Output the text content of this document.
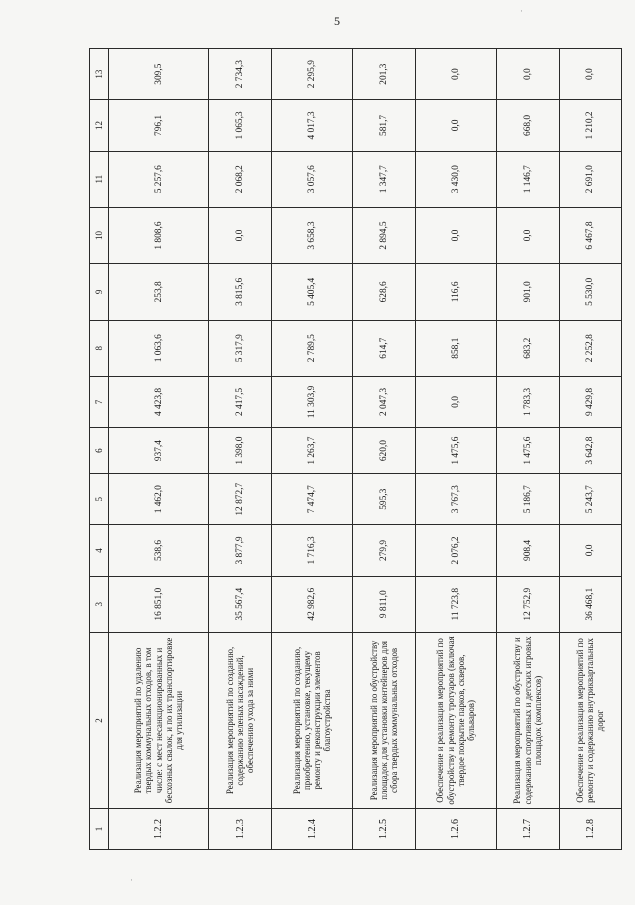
5
·
·
1	2	3	4	5	6	7	8	9	10	11	12	13
1.2.2	Реализация мероприятий по удалению твердых коммунальных отходов, в том числе: с мест несанкционированных и бесхозных свалок, и по их транспортировке для утилизации	16 851,0	538,6	1 462,0	937,4	4 423,8	1 063,6	253,8	1 808,6	5 257,6	796,1	309,5
1.2.3	Реализация мероприятий по созданию, содержанию зеленых насаждений, обеспечению ухода за ними	35 567,4	3 877,9	12 872,7	1 398,0	2 417,5	5 317,9	3 815,6	0,0	2 068,2	1 065,3	2 734,3
1.2.4	Реализация мероприятий по созданию, приобретению, установке, текущему ремонту и реконструкции элементов благоустройства	42 982,6	1 716,3	7 474,7	1 263,7	11 303,9	2 789,5	5 405,4	3 658,3	3 057,6	4 017,3	2 295,9
1.2.5	Реализация мероприятий по обустройству площадок для установки контейнеров для сбора твердых коммунальных отходов	9 811,0	279,9	595,3	620,0	2 047,3	614,7	628,6	2 894,5	1 347,7	581,7	201,3
1.2.6	Обеспечение и реализация мероприятий по обустройству и ремонту тротуаров (включая твердое покрытие парков, скверов, бульваров)	11 723,8	2 076,2	3 767,3	1 475,6	0,0	858,1	116,6	0,0	3 430,0	0,0	0,0
1.2.7	Реализация мероприятий по обустройству и содержанию спортивных и детских игровых площадок (комплексов)	12 752,9	908,4	5 186,7	1 475,6	1 783,3	683,2	901,0	0,0	1 146,7	668,0	0,0
1.2.8	Обеспечение и реализация мероприятий по ремонту и содержанию внутриквартальных дорог	36 468,1	0,0	5 243,7	3 642,8	9 429,8	2 252,8	5 530,0	6 467,8	2 691,0	1 210,2	0,0
